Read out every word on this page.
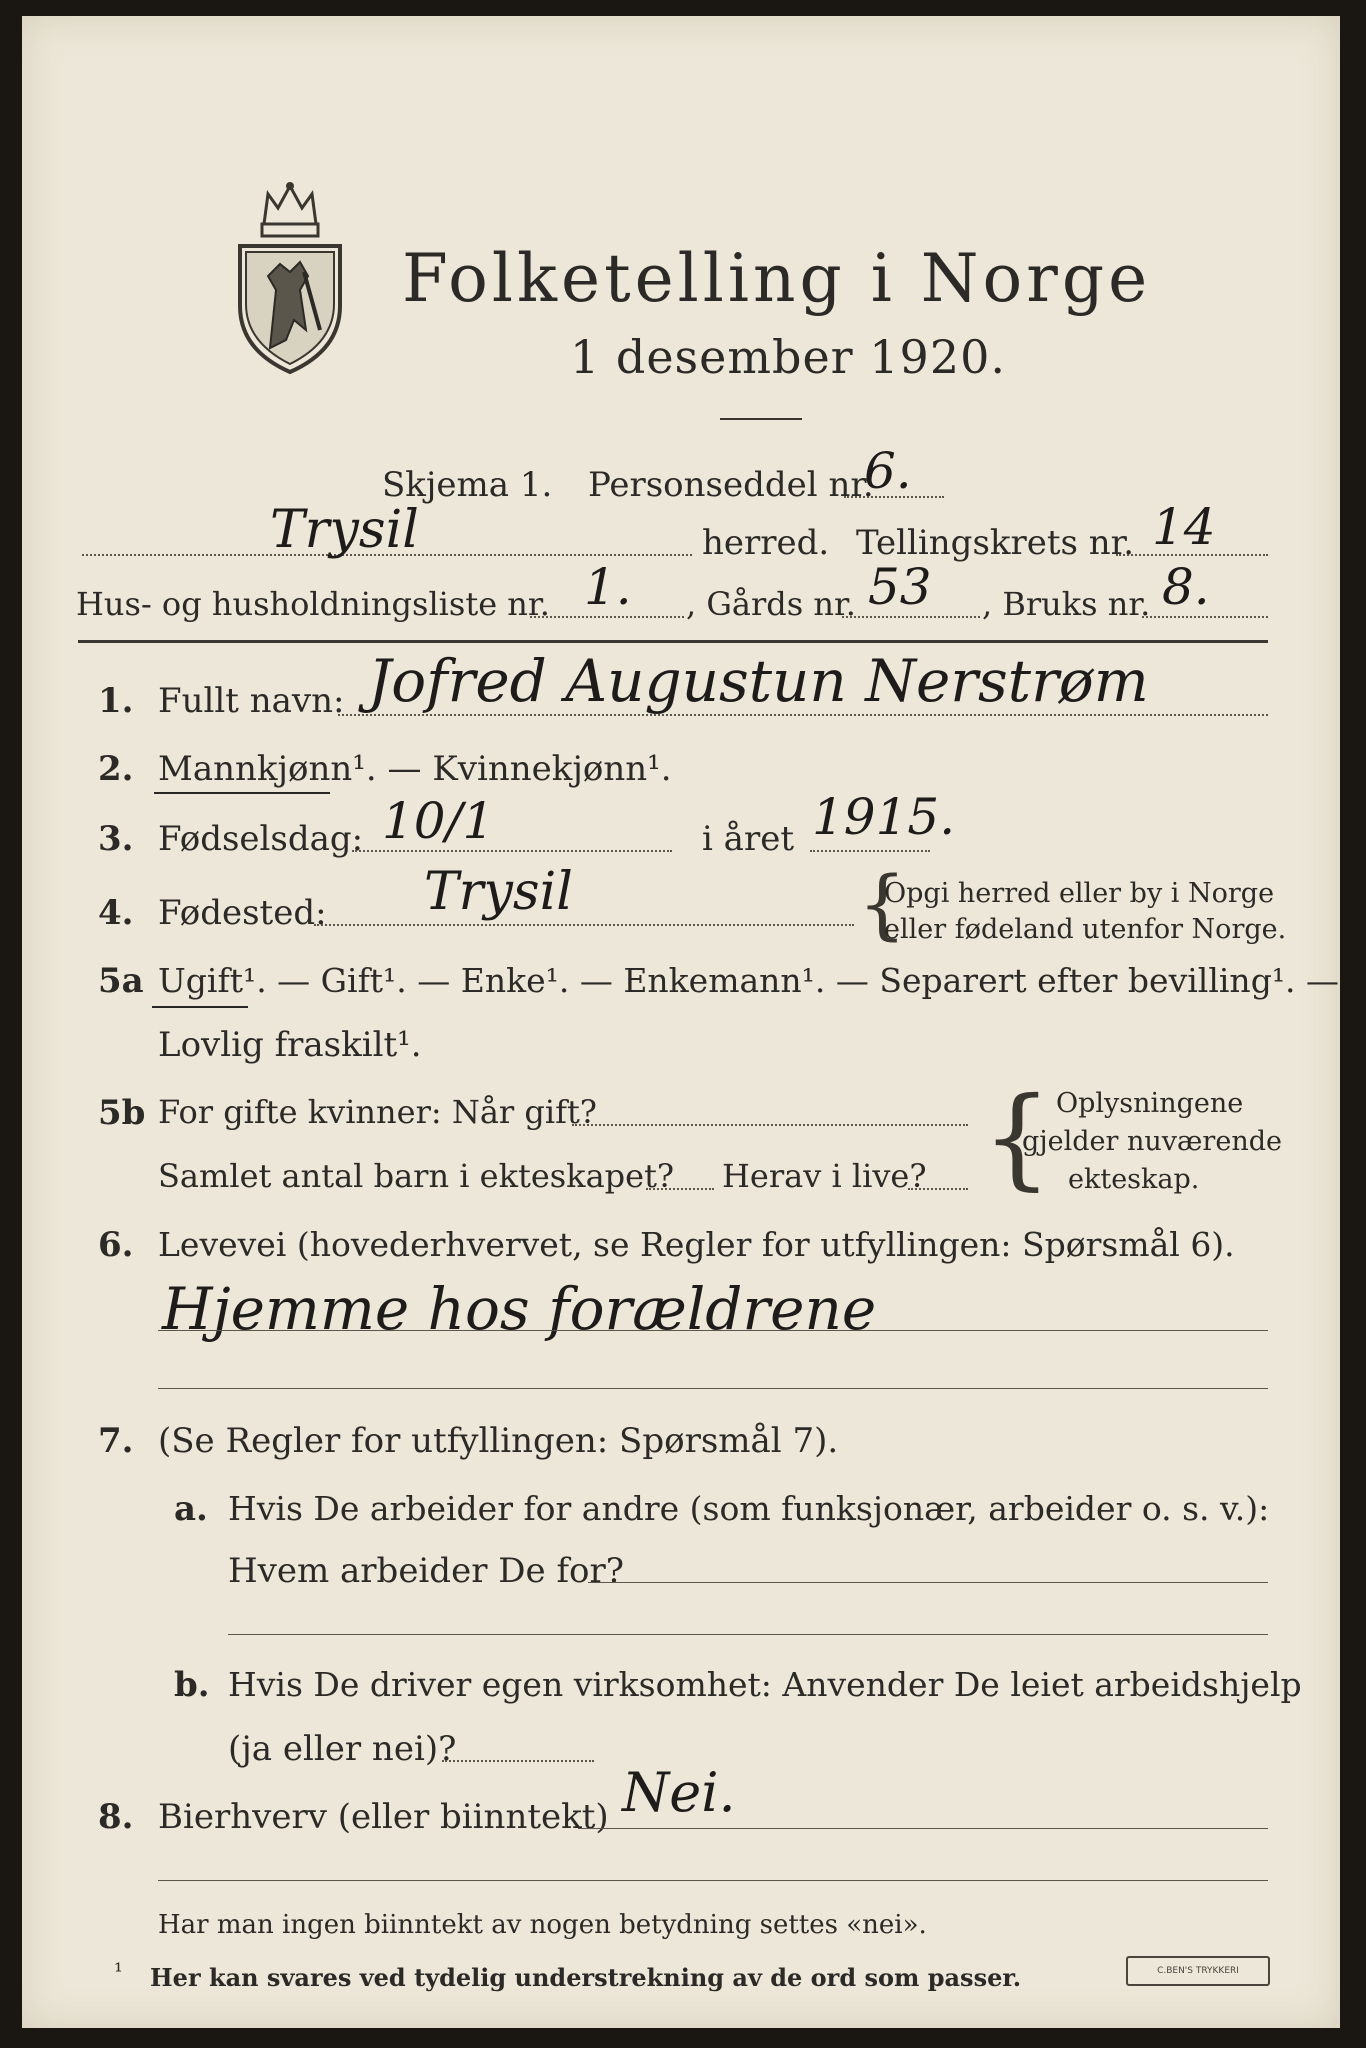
Folketelling i Norge
1 desember 1920.
Skjema 1. Personseddel nr.
6.
Trysil	herred. Tellingskrets nr. 14
Hus- og husholdningsliste nr. 1. , Gårds nr. 53 , Bruks nr. 8.
1. Fullt navn: Jofred Augustun Nerstrøm
2. Mannkjønn¹. — Kvinnekjønn¹.
3. Fødselsdag: 10/1	i året 1915.
4. Fødested: Trysil	{
Opgi herred eller by i Norge
eller fødeland utenfor Norge.
5a Ugift¹. — Gift¹. — Enke¹. — Enkemann¹. — Separert efter bevilling¹. —
Lovlig fraskilt¹.
5b For gifte kvinner: Når gift?
Samlet antal barn i ekteskapet? Herav i live? { Oplysningene
gjelder nuværende
ekteskap.
6. Levevei (hovederhvervet, se Regler for utfyllingen: Spørsmål 6).
Hjemme hos forældrene
7. (Se Regler for utfyllingen: Spørsmål 7).
a. Hvis De arbeider for andre (som funksjonær, arbeider o. s. v.):
Hvem arbeider De for?
b. Hvis De driver egen virksomhet: Anvender De leiet arbeidshjelp
(ja eller nei)?
8. Bierhverv (eller biinntekt) Nei.
Har man ingen biinntekt av nogen betydning settes «nei».
¹ Her kan svares ved tydelig understrekning av de ord som passer.	C.BEN'S TRYKKERI
